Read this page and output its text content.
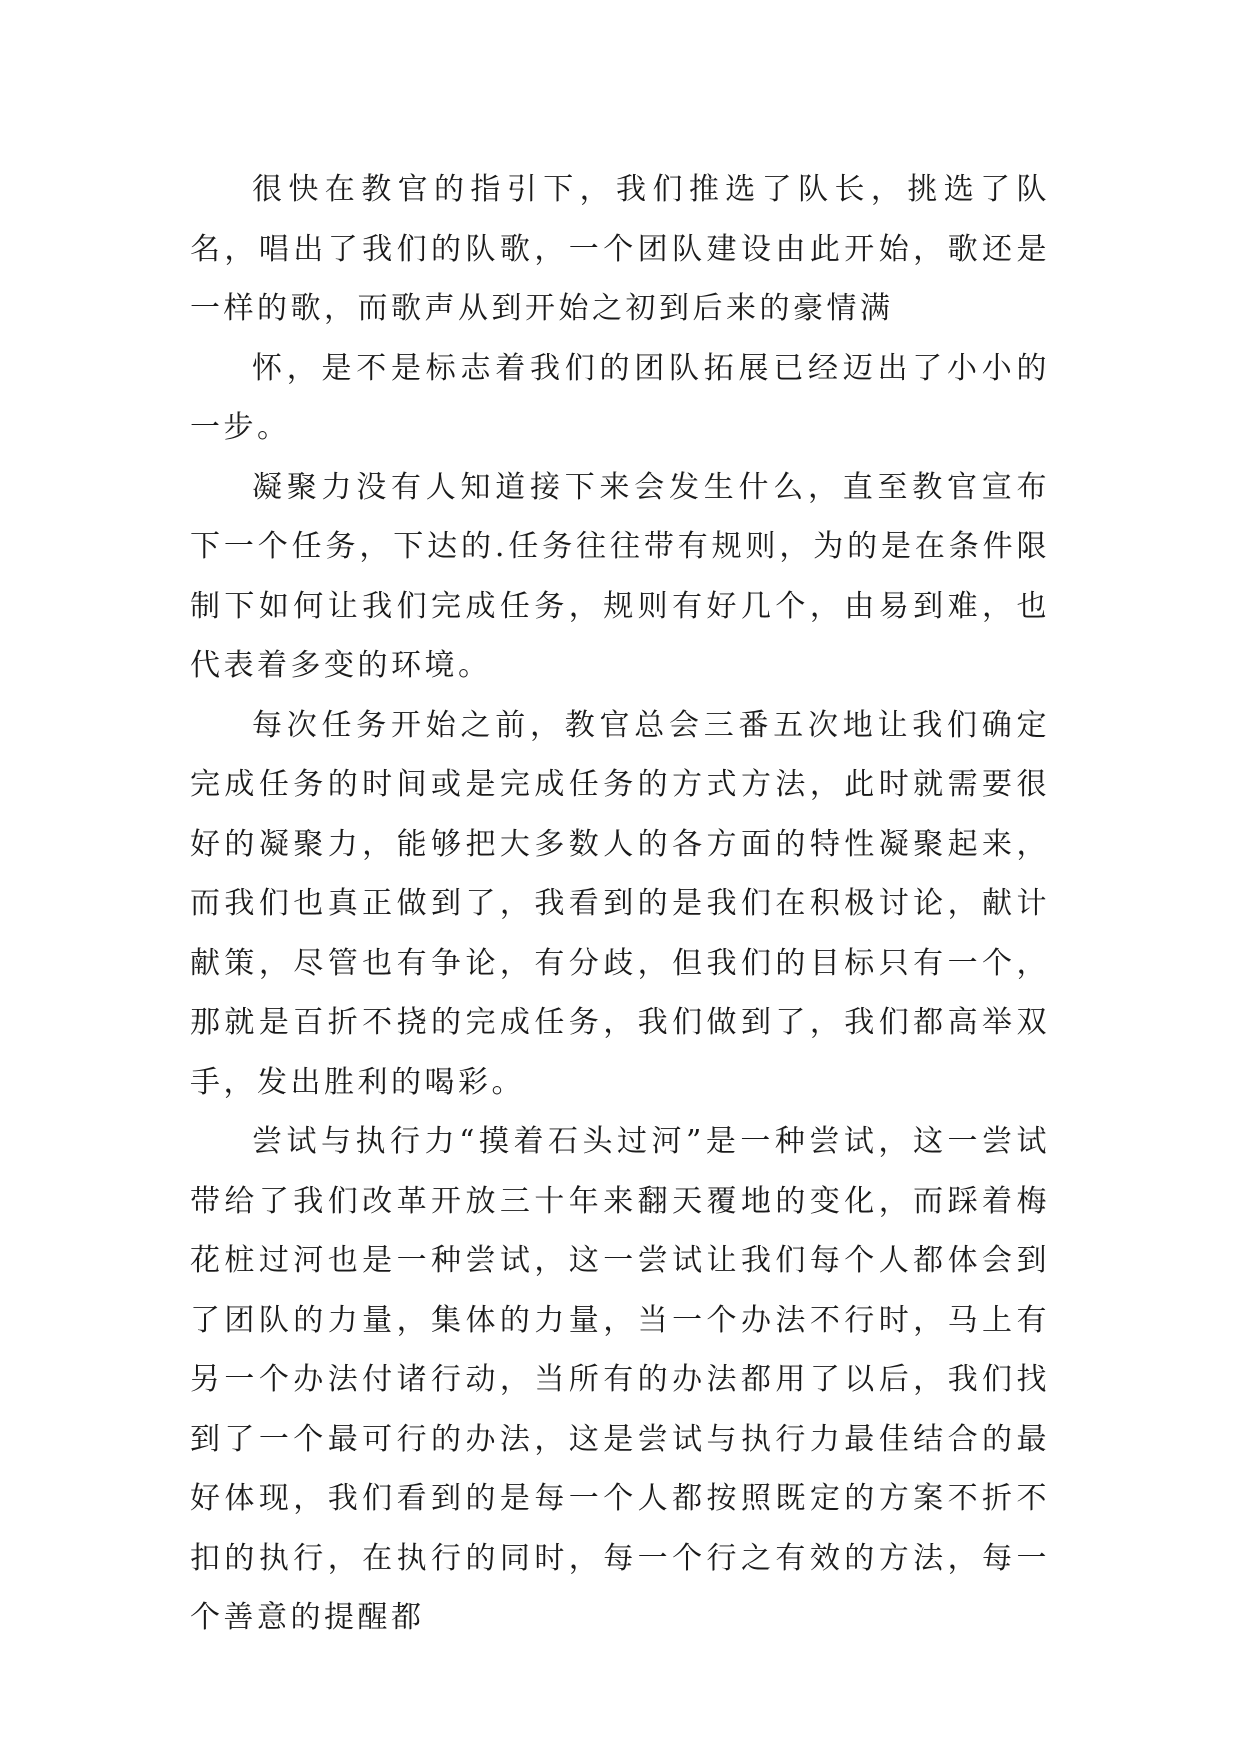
很快在教官的指引下，我们推选了队长，挑选了队名，唱出了我们的队歌，一个团队建设由此开始，歌还是一样的歌，而歌声从到开始之初到后来的豪情满

怀，是不是标志着我们的团队拓展已经迈出了小小的一步。

凝聚力没有人知道接下来会发生什么，直至教官宣布下一个任务，下达的.任务往往带有规则，为的是在条件限制下如何让我们完成任务，规则有好几个，由易到难，也代表着多变的环境。

每次任务开始之前，教官总会三番五次地让我们确定完成任务的时间或是完成任务的方式方法，此时就需要很好的凝聚力，能够把大多数人的各方面的特性凝聚起来，而我们也真正做到了，我看到的是我们在积极讨论，献计献策，尽管也有争论，有分歧，但我们的目标只有一个，那就是百折不挠的完成任务，我们做到了，我们都高举双手，发出胜利的喝彩。

尝试与执行力“摸着石头过河”是一种尝试，这一尝试带给了我们改革开放三十年来翻天覆地的变化，而踩着梅花桩过河也是一种尝试，这一尝试让我们每个人都体会到了团队的力量，集体的力量，当一个办法不行时，马上有另一个办法付诸行动，当所有的办法都用了以后，我们找到了一个最可行的办法，这是尝试与执行力最佳结合的最好体现，我们看到的是每一个人都按照既定的方案不折不扣的执行，在执行的同时，每一个行之有效的方法，每一个善意的提醒都
